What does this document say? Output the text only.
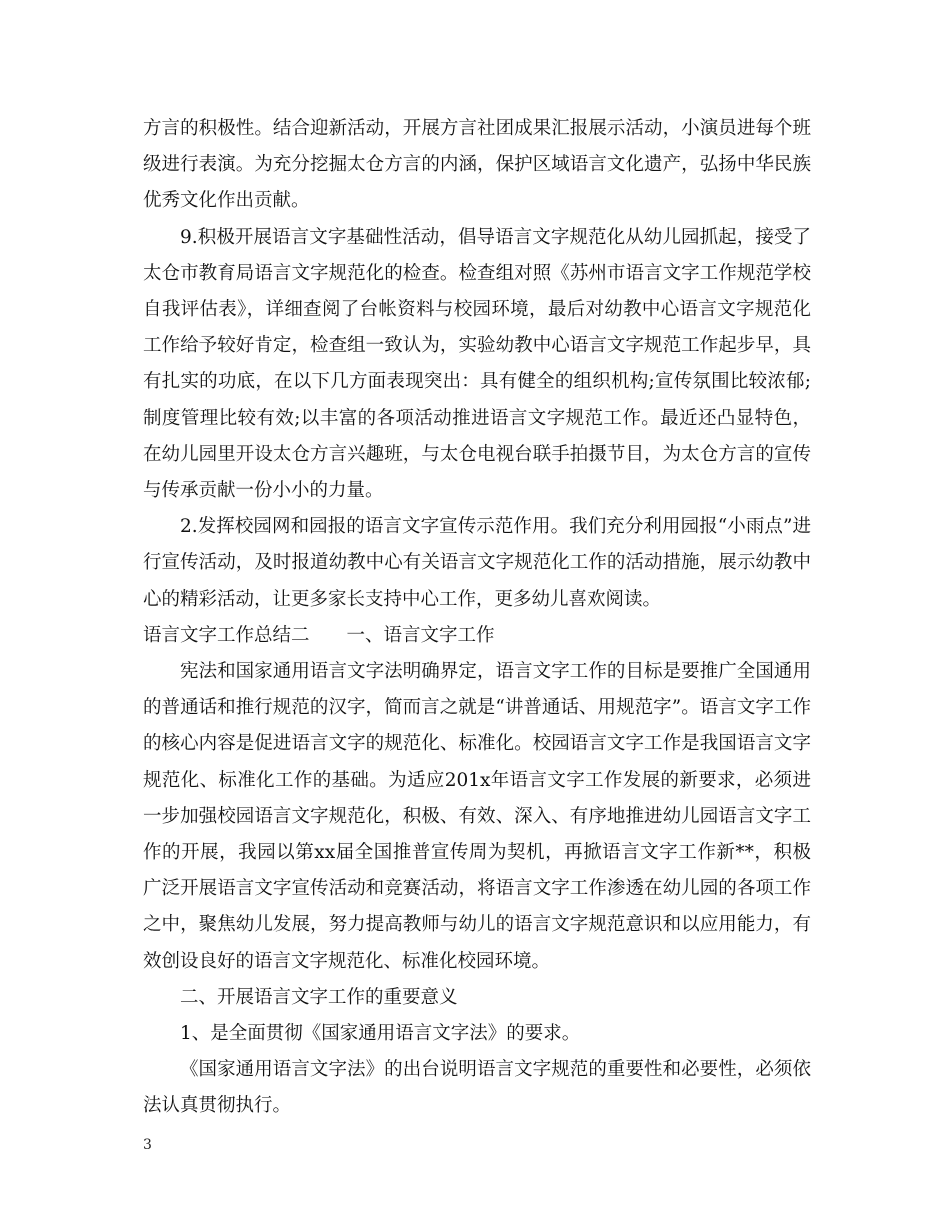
方言的积极性。结合迎新活动，开展方言社团成果汇报展示活动，小演员进每个班级进行表演。为充分挖掘太仓方言的内涵，保护区域语言文化遗产，弘扬中华民族优秀文化作出贡献。

9.积极开展语言文字基础性活动，倡导语言文字规范化从幼儿园抓起，接受了太仓市教育局语言文字规范化的检查。检查组对照《苏州市语言文字工作规范学校自我评估表》，详细查阅了台帐资料与校园环境，最后对幼教中心语言文字规范化工作给予较好肯定，检查组一致认为，实验幼教中心语言文字规范工作起步早，具有扎实的功底，在以下几方面表现突出：具有健全的组织机构;宣传氛围比较浓郁;制度管理比较有效;以丰富的各项活动推进语言文字规范工作。最近还凸显特色，在幼儿园里开设太仓方言兴趣班，与太仓电视台联手拍摄节目，为太仓方言的宣传与传承贡献一份小小的力量。

2.发挥校园网和园报的语言文字宣传示范作用。我们充分利用园报“小雨点”进行宣传活动，及时报道幼教中心有关语言文字规范化工作的活动措施，展示幼教中心的精彩活动，让更多家长支持中心工作，更多幼儿喜欢阅读。

语言文字工作总结二　　一、语言文字工作

宪法和国家通用语言文字法明确界定，语言文字工作的目标是要推广全国通用的普通话和推行规范的汉字，简而言之就是“讲普通话、用规范字”。语言文字工作的核心内容是促进语言文字的规范化、标准化。校园语言文字工作是我国语言文字规范化、标准化工作的基础。为适应201x年语言文字工作发展的新要求，必须进一步加强校园语言文字规范化，积极、有效、深入、有序地推进幼儿园语言文字工作的开展，我园以第xx届全国推普宣传周为契机，再掀语言文字工作新**，积极广泛开展语言文字宣传活动和竞赛活动，将语言文字工作渗透在幼儿园的各项工作之中，聚焦幼儿发展，努力提高教师与幼儿的语言文字规范意识和以应用能力，有效创设良好的语言文字规范化、标准化校园环境。

二、开展语言文字工作的重要意义

1、是全面贯彻《国家通用语言文字法》的要求。

《国家通用语言文字法》的出台说明语言文字规范的重要性和必要性，必须依法认真贯彻执行。

3
